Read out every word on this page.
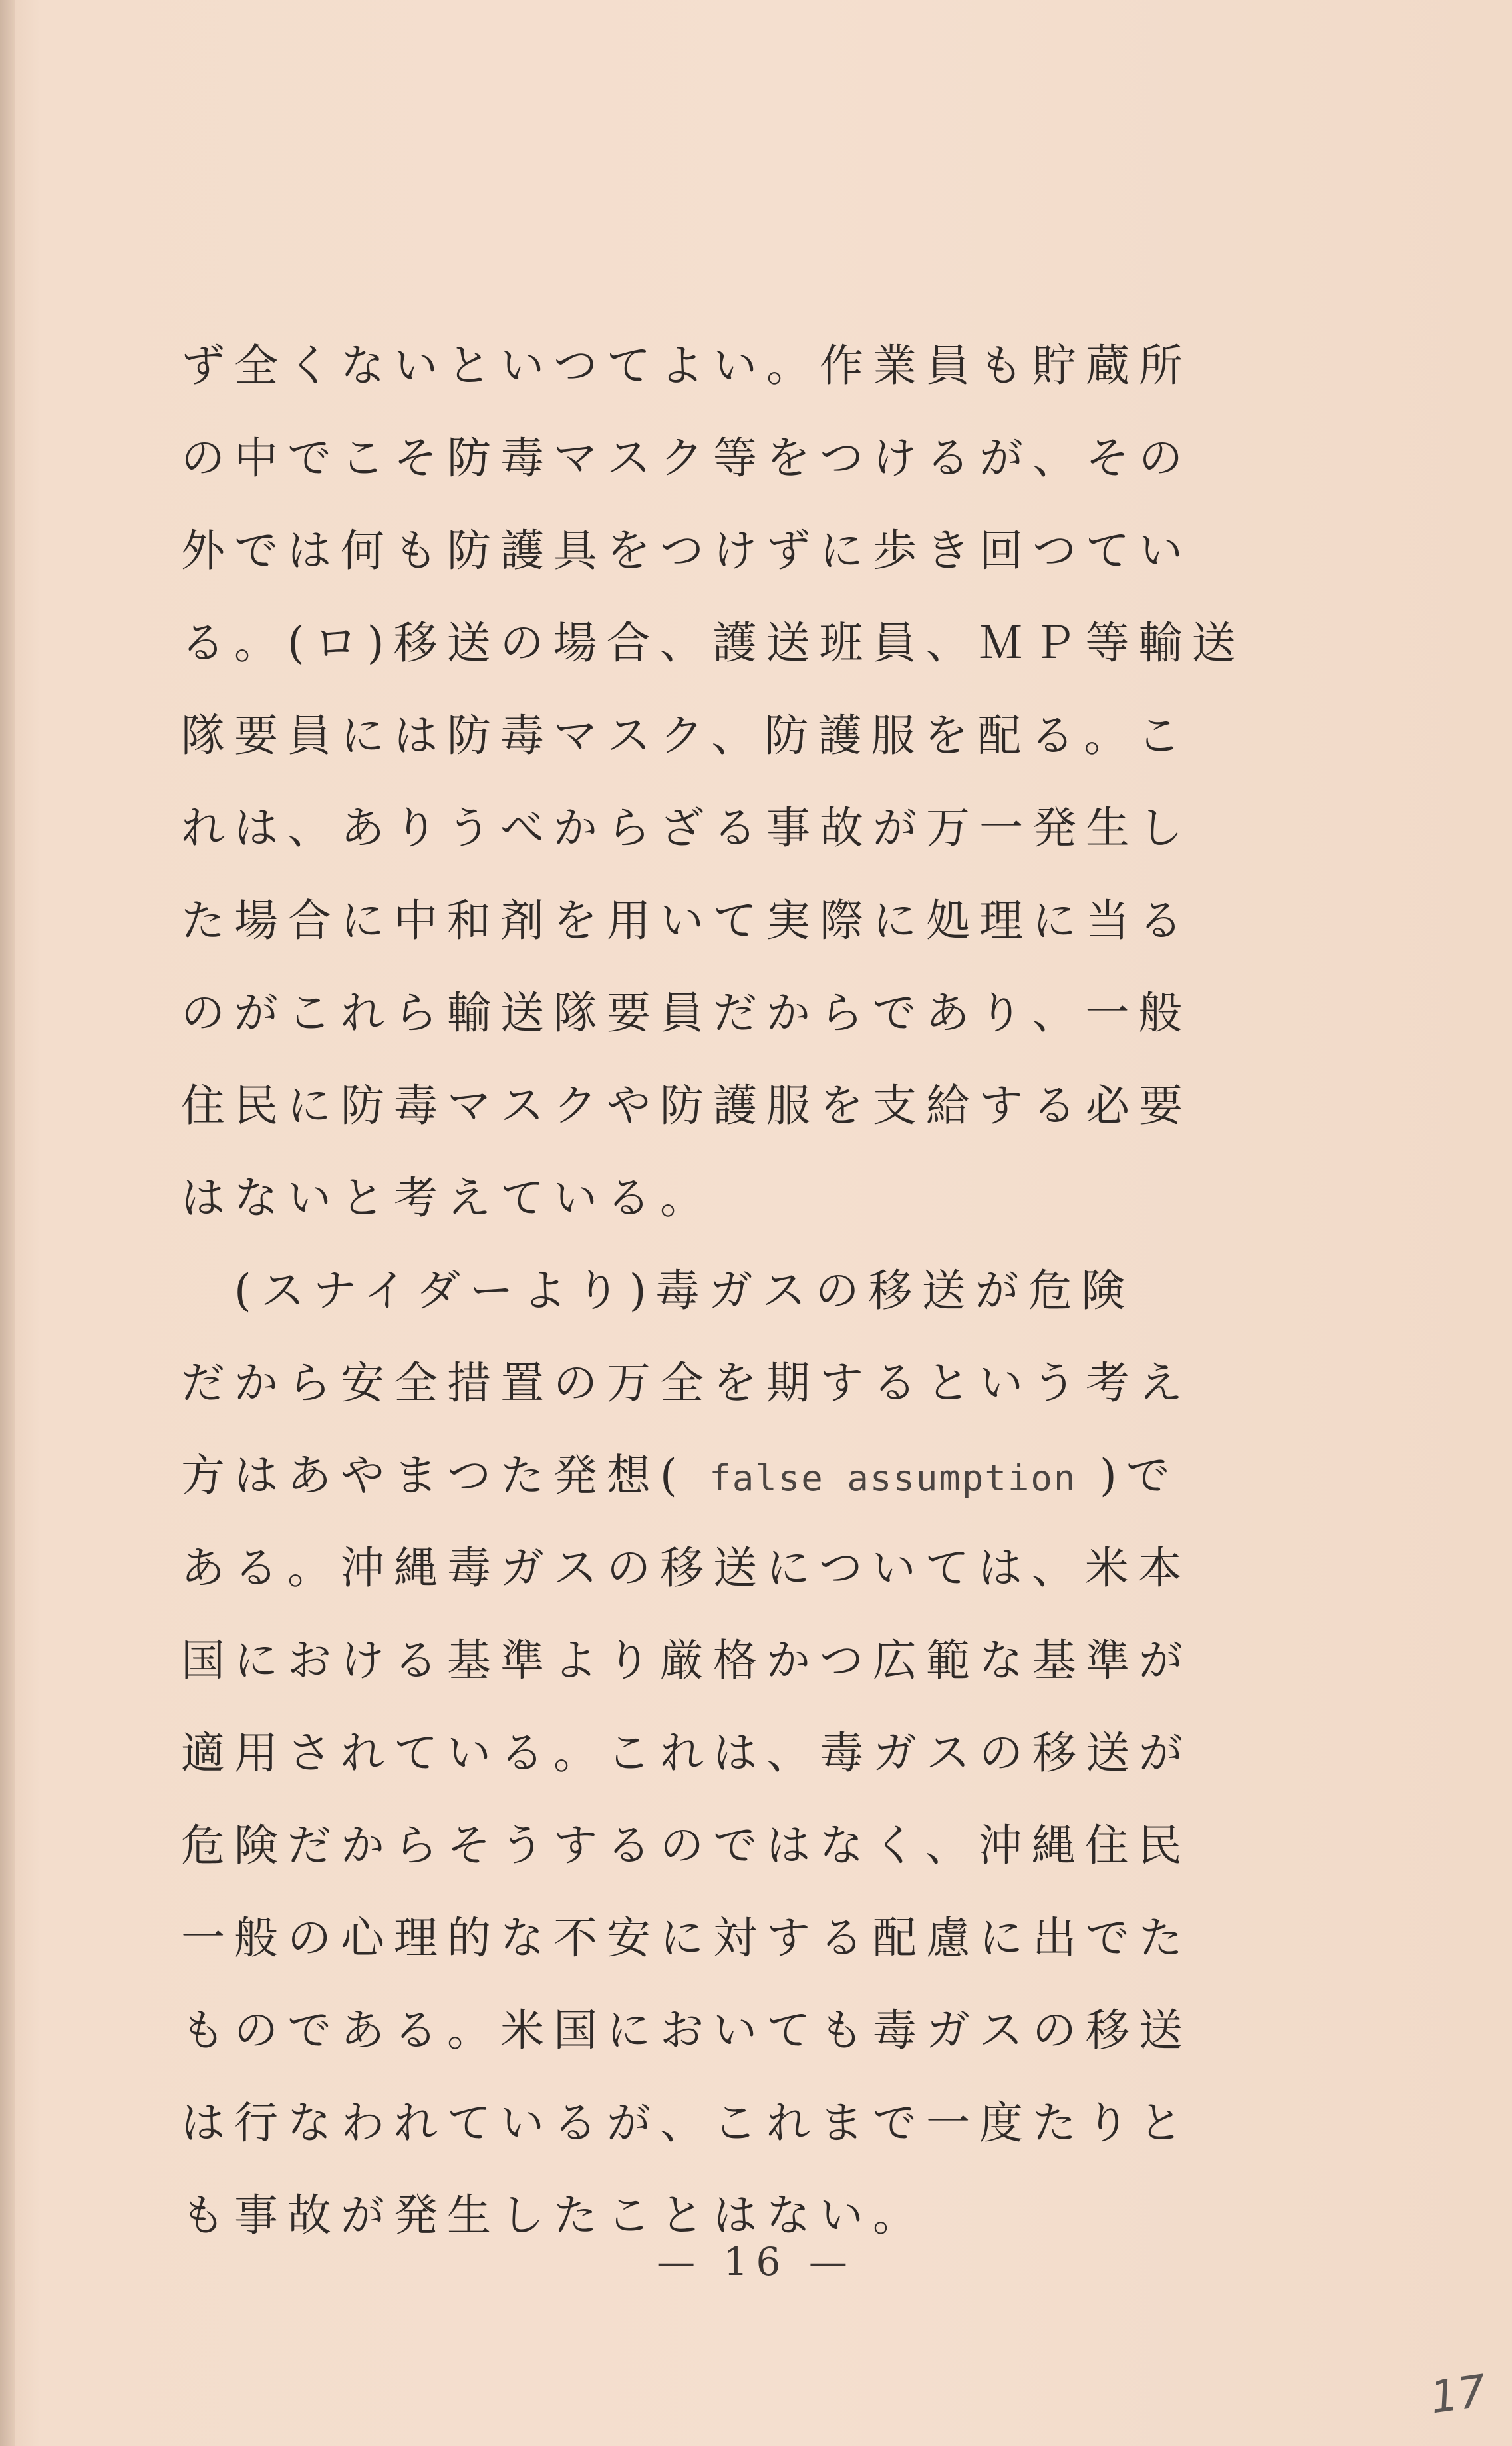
ず全くないといつてよい。作業員も貯蔵所
の中でこそ防毒マスク等をつけるが、その
外では何も防護具をつけずに歩き回つてい
る。(ロ)移送の場合、護送班員、ＭＰ等輸送
隊要員には防毒マスク、防護服を配る。こ
れは、ありうべからざる事故が万一発生し
た場合に中和剤を用いて実際に処理に当る
のがこれら輸送隊要員だからであり、一般
住民に防毒マスクや防護服を支給する必要
はないと考えている。
　(スナイダーより)毒ガスの移送が危険
だから安全措置の万全を期するという考え
方はあやまつた発想( false assumption )で
ある。沖縄毒ガスの移送については、米本
国における基準より厳格かつ広範な基準が
適用されている。これは、毒ガスの移送が
危険だからそうするのではなく、沖縄住民
一般の心理的な不安に対する配慮に出でた
ものである。米国においても毒ガスの移送
は行なわれているが、これまで一度たりと
も事故が発生したことはない。
— 16 —
17
